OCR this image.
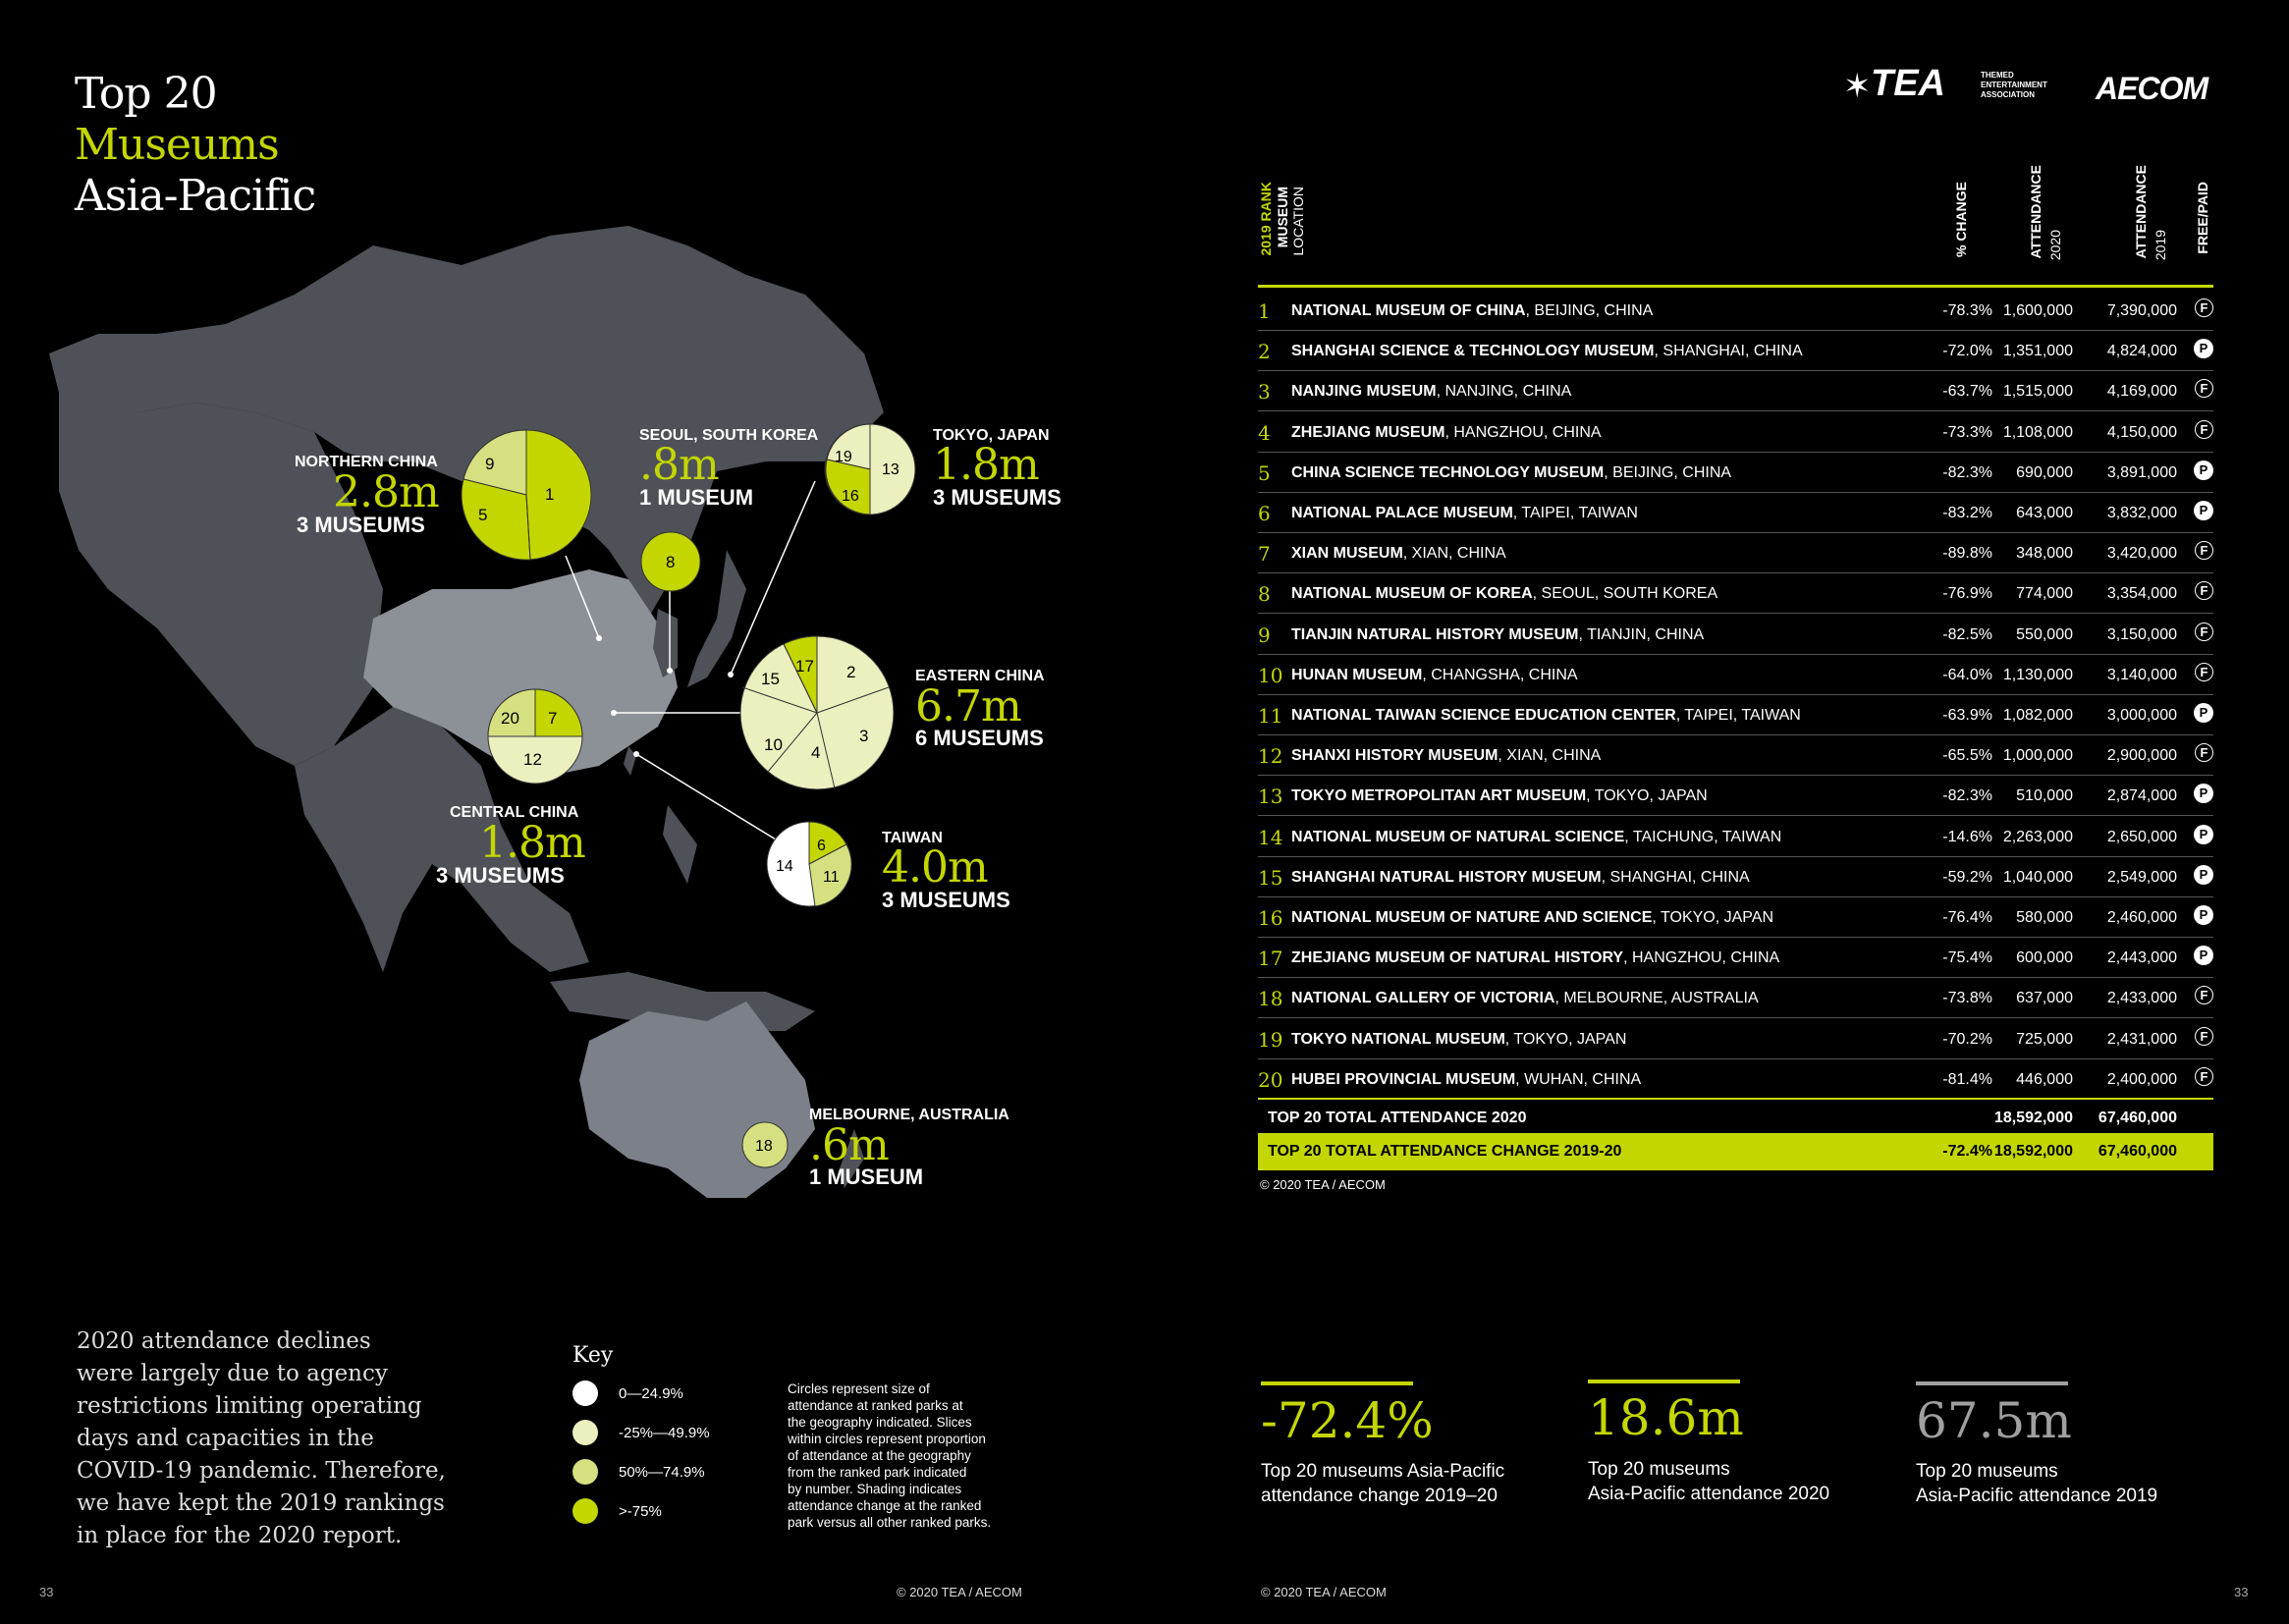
Top 20
Museums
Asia-Pacific
9
5
1
8
19
13
16
15
17 2
3
4
10
20 7
12
14
6
11
18
NORTHERN CHINA
2.8m
3 MUSEUMS
SEOUL, SOUTH KOREA
.8m
1 MUSEUM
TOKYO, JAPAN
1.8m
3 MUSEUMS
EASTERN CHINA
6.7m
6 MUSEUMS
CENTRAL CHINA
1.8m
3 MUSEUMS
TAIWAN
4.0m
3 MUSEUMS
MELBOURNE, AUSTRALIA
.6m
1 MUSEUM
✶ TEA	THEMED ENTERTAINMENT ASSOCIATION	AECOM
2019 RANK MUSEUM LOCATION	% CHANGE	ATTENDANCE 2020	ATTENDANCE 2019 FREE/PAID
1 NATIONAL MUSEUM OF CHINA, BEIJING, CHINA	-78.3% 1,600,000 7,390,000	F
2 SHANGHAI SCIENCE & TECHNOLOGY MUSEUM, SHANGHAI, CHINA	-72.0% 1,351,000 4,824,000	P
3 NANJING MUSEUM, NANJING, CHINA	-63.7% 1,515,000 4,169,000	F
4 ZHEJIANG MUSEUM, HANGZHOU, CHINA	-73.3% 1,108,000 4,150,000	F
5 CHINA SCIENCE TECHNOLOGY MUSEUM, BEIJING, CHINA	-82.3% 690,000 3,891,000	P
6 NATIONAL PALACE MUSEUM, TAIPEI, TAIWAN	-83.2% 643,000 3,832,000	P
7 XIAN MUSEUM, XIAN, CHINA	-89.8% 348,000 3,420,000	F
8 NATIONAL MUSEUM OF KOREA, SEOUL, SOUTH KOREA	-76.9% 774,000 3,354,000	F
9 TIANJIN NATURAL HISTORY MUSEUM, TIANJIN, CHINA	-82.5% 550,000 3,150,000	F
10 HUNAN MUSEUM, CHANGSHA, CHINA	-64.0% 1,130,000 3,140,000	F
11 NATIONAL TAIWAN SCIENCE EDUCATION CENTER, TAIPEI, TAIWAN	-63.9% 1,082,000 3,000,000	P
12 SHANXI HISTORY MUSEUM, XIAN, CHINA	-65.5% 1,000,000 2,900,000	F
13 TOKYO METROPOLITAN ART MUSEUM, TOKYO, JAPAN	-82.3% 510,000 2,874,000	P
14 NATIONAL MUSEUM OF NATURAL SCIENCE, TAICHUNG, TAIWAN	-14.6% 2,263,000 2,650,000	P
15 SHANGHAI NATURAL HISTORY MUSEUM, SHANGHAI, CHINA	-59.2% 1,040,000 2,549,000	P
16 NATIONAL MUSEUM OF NATURE AND SCIENCE, TOKYO, JAPAN	-76.4% 580,000 2,460,000	P
17 ZHEJIANG MUSEUM OF NATURAL HISTORY, HANGZHOU, CHINA	-75.4% 600,000 2,443,000	P
18 NATIONAL GALLERY OF VICTORIA, MELBOURNE, AUSTRALIA	-73.8% 637,000 2,433,000	F
19 TOKYO NATIONAL MUSEUM, TOKYO, JAPAN	-70.2% 725,000 2,431,000	F
20 HUBEI PROVINCIAL MUSEUM, WUHAN, CHINA	-81.4% 446,000 2,400,000	F
TOP 20 TOTAL ATTENDANCE 2020	18,592,000 67,460,000
TOP 20 TOTAL ATTENDANCE CHANGE 2019-20	-72.4% 18,592,000 67,460,000
© 2020 TEA / AECOM
2020 attendance declines
were largely due to agency
restrictions limiting operating
days and capacities in the
COVID-19 pandemic. Therefore,
we have kept the 2019 rankings
in place for the 2020 report.
Key
0—24.9%
-25%—49.9%
50%—74.9%
>-75%
Circles represent size of
attendance at ranked parks at
the geography indicated. Slices
within circles represent proportion
of attendance at the geography
from the ranked park indicated
by number. Shading indicates
attendance change at the ranked
park versus all other ranked parks.
-72.4%
Top 20 museums Asia-Pacific
attendance change 2019–20
18.6m
Top 20 museums
Asia-Pacific attendance 2020
67.5m
Top 20 museums
Asia-Pacific attendance 2019
33	© 2020 TEA / AECOM	© 2020 TEA / AECOM	33
